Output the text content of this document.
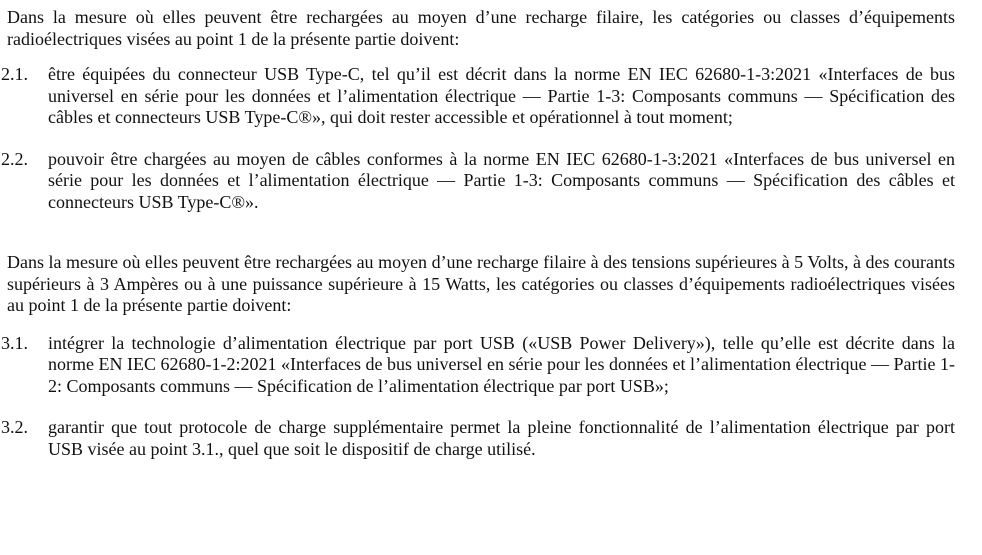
Dans la mesure où elles peuvent être rechargées au moyen d’une recharge filaire, les catégories ou classes d’équipements radioélectriques visées au point 1 de la présente partie doivent:

2.1. être équipées du connecteur USB Type-C, tel qu’il est décrit dans la norme EN IEC 62680-1-3:2021 «Interfaces de bus universel en série pour les données et l’alimentation électrique — Partie 1-3: Composants communs — Spécification des câbles et connecteurs USB Type-C®», qui doit rester accessible et opérationnel à tout moment;
2.2. pouvoir être chargées au moyen de câbles conformes à la norme EN IEC 62680-1-3:2021 «Interfaces de bus universel en série pour les données et l’alimentation électrique — Partie 1-3: Composants communs — Spécification des câbles et connecteurs USB Type-C®».

Dans la mesure où elles peuvent être rechargées au moyen d’une recharge filaire à des tensions supérieures à 5 Volts, à des courants supérieurs à 3 Ampères ou à une puissance supérieure à 15 Watts, les catégories ou classes d’équipements radioélectriques visées au point 1 de la présente partie doivent:

3.1. intégrer la technologie d’alimentation électrique par port USB («USB Power Delivery»), telle qu’elle est décrite dans la norme EN IEC 62680-1-2:2021 «Interfaces de bus universel en série pour les données et l’alimentation électrique — Partie 1-2: Composants communs — Spécification de l’alimentation électrique par port USB»;
3.2. garantir que tout protocole de charge supplémentaire permet la pleine fonctionnalité de l’alimentation électrique par port USB visée au point 3.1., quel que soit le dispositif de charge utilisé.
